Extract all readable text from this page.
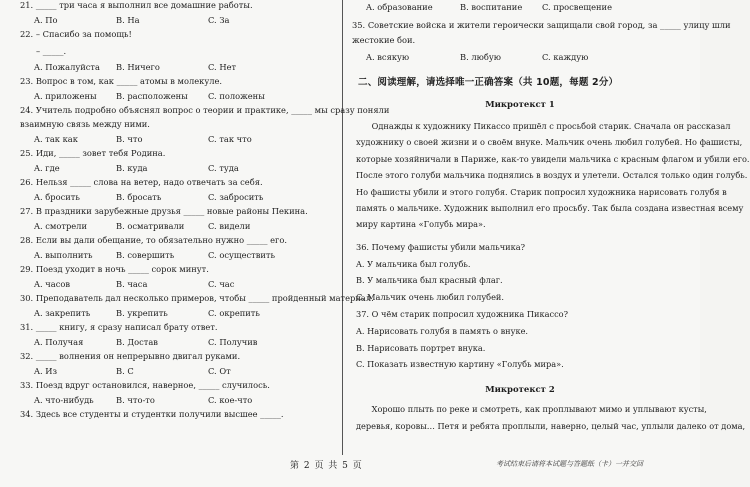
21. _____ три часа я выполнил все домашние работы.
A. По	B. На	C. За
22. – Спасибо за помощь!
– _____.
A. Пожалуйста B. Ничего	C. Нет
23. Вопрос в том, как _____ атомы в молекуле.
A. приложены B. расположены C. положены
24. Учитель подробно объяснял вопрос о теории и практике, _____ мы сразу поняли
взаимную связь между ними.
A. так как	B. что	C. так что
25. Иди, _____ зовет тебя Родина.
A. где	B. куда	C. туда
26. Нельзя _____ слова на ветер, надо отвечать за себя.
A. бросить	B. бросать	C. забросить
27. В праздники зарубежные друзья _____ новые районы Пекина.
A. смотрели	B. осматривали	C. видели
28. Если вы дали обещание, то обязательно нужно _____ его.
A. выполнить	B. совершить	C. осуществить
29. Поезд уходит в ночь _____ сорок минут.
A. часов	B. часа	C. час
30. Преподаватель дал несколько примеров, чтобы _____ пройденный материал.
A. закрепить	B. укрепить	C. окрепить
31. _____ книгу, я сразу написал брату ответ.
A. Получая	B. Достав	C. Получив
32. _____ волнения он непрерывно двигал руками.
A. Из	B. С	C. От
33. Поезд вдруг остановился, наверное, _____ случилось.
A. что-нибудь	B. что-то	C. кое-что
34. Здесь все студенты и студентки получили высшее _____.
A. образование	B. воспитание C. просвещение
35. Советские войска и жители героически защищали свой город, за _____ улицу шли
жестокие бои.
A. всякую	B. любую	C. каждую
二、阅读理解，请选择唯一正确答案（共 10题，每题 2分）
Микротекст 1
Однажды к художнику Пикассо пришёл с просьбой старик. Сначала он рассказал
художнику о своей жизни и о своём внуке. Мальчик очень любил голубей. Но фашисты,
которые хозяйничали в Париже, как-то увидели мальчика с красным флагом и убили его.
После этого голуби мальчика поднялись в воздух и улетели. Остался только один голубь.
Но фашисты убили и этого голубя. Старик попросил художника нарисовать голубя в
память о мальчике. Художник выполнил его просьбу. Так была создана известная всему
миру картина «Голубь мира».
36. Почему фашисты убили мальчика?
A. У мальчика был голубь.
B. У мальчика был красный флаг.
C. Мальчик очень любил голубей.
37. О чём старик попросил художника Пикассо?
A. Нарисовать голубя в память о внуке.
B. Нарисовать портрет внука.
C. Показать известную картину «Голубь мира».
Микротекст 2
Хорошо плыть по реке и смотреть, как проплывают мимо и уплывают кусты,
деревья, коровы… Петя и ребята проплыли, наверно, целый час, уплыли далеко от дома,
第 2 页 共 5 页	考试结束后请将本试题与答题纸（卡）一并交回
